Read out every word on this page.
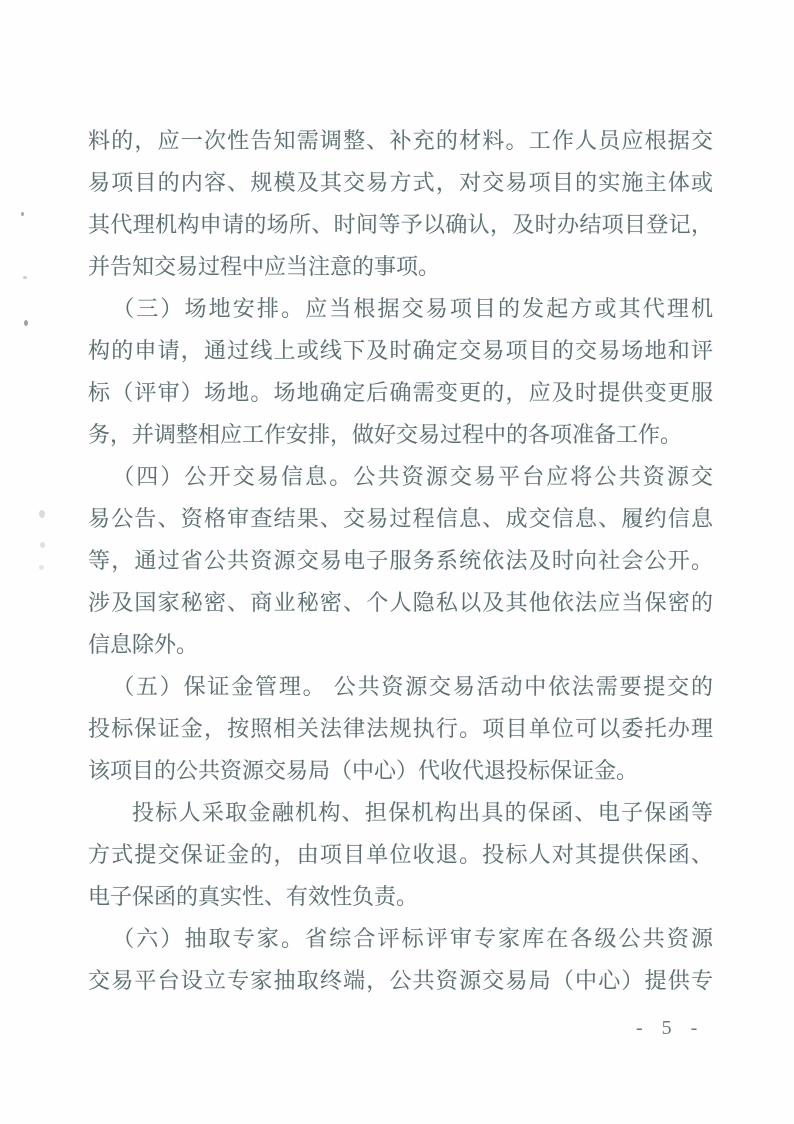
料的，应一次性告知需调整、补充的材料。工作人员应根据交

易项目的内容、规模及其交易方式，对交易项目的实施主体或

其代理机构申请的场所、时间等予以确认，及时办结项目登记，

并告知交易过程中应当注意的事项。

（三）场地安排。应当根据交易项目的发起方或其代理机

构的申请，通过线上或线下及时确定交易项目的交易场地和评

标（评审）场地。场地确定后确需变更的，应及时提供变更服

务，并调整相应工作安排，做好交易过程中的各项准备工作。

（四）公开交易信息。公共资源交易平台应将公共资源交

易公告、资格审查结果、交易过程信息、成交信息、履约信息

等，通过省公共资源交易电子服务系统依法及时向社会公开。

涉及国家秘密、商业秘密、个人隐私以及其他依法应当保密的

信息除外。

（五）保证金管理。 公共资源交易活动中依法需要提交的

投标保证金，按照相关法律法规执行。项目单位可以委托办理

该项目的公共资源交易局（中心）代收代退投标保证金。

投标人采取金融机构、担保机构出具的保函、电子保函等

方式提交保证金的，由项目单位收退。投标人对其提供保函、

电子保函的真实性、有效性负责。

（六）抽取专家。省综合评标评审专家库在各级公共资源

交易平台设立专家抽取终端，公共资源交易局（中心）提供专

- 5 -
